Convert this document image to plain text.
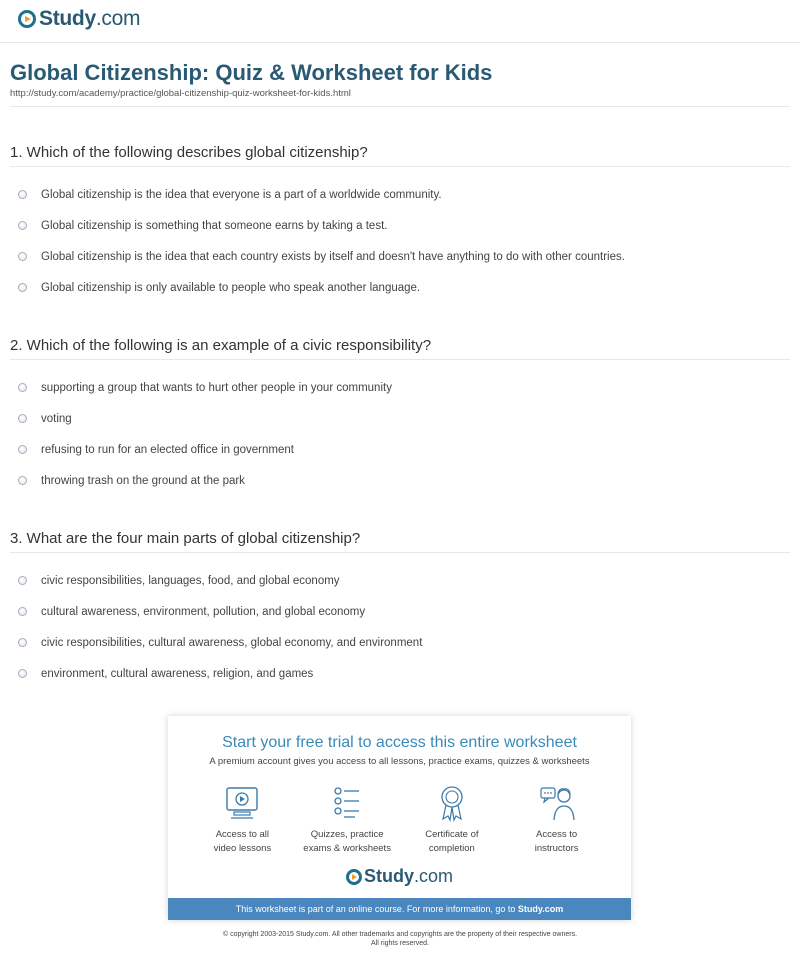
Study.com
Global Citizenship: Quiz & Worksheet for Kids
http://study.com/academy/practice/global-citizenship-quiz-worksheet-for-kids.html
1. Which of the following describes global citizenship?
Global citizenship is the idea that everyone is a part of a worldwide community.
Global citizenship is something that someone earns by taking a test.
Global citizenship is the idea that each country exists by itself and doesn't have anything to do with other countries.
Global citizenship is only available to people who speak another language.
2. Which of the following is an example of a civic responsibility?
supporting a group that wants to hurt other people in your community
voting
refusing to run for an elected office in government
throwing trash on the ground at the park
3. What are the four main parts of global citizenship?
civic responsibilities, languages, food, and global economy
cultural awareness, environment, pollution, and global economy
civic responsibilities, cultural awareness, global economy, and environment
environment, cultural awareness, religion, and games
Start your free trial to access this entire worksheet
A premium account gives you access to all lessons, practice exams, quizzes & worksheets
Access to all
video lessons
Quizzes, practice
exams & worksheets
Certificate of
completion
Access to
instructors
Study.com
This worksheet is part of an online course. For more information, go to Study.com
© copyright 2003-2015 Study.com. All other trademarks and copyrights are the property of their respective owners.
All rights reserved.
